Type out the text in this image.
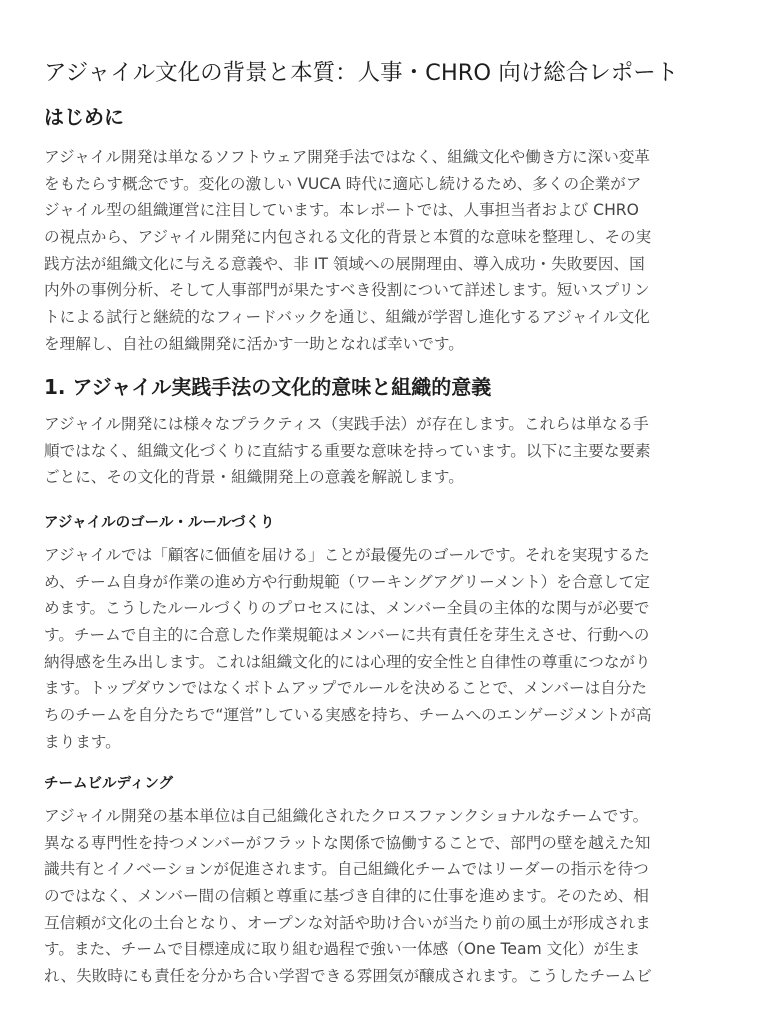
アジャイル文化の背景と本質：人事・CHRO 向け総合レポート
はじめに
アジャイル開発は単なるソフトウェア開発手法ではなく、組織文化や働き方に深い変革
をもたらす概念です。変化の激しい VUCA 時代に適応し続けるため、多くの企業がア
ジャイル型の組織運営に注目しています。本レポートでは、人事担当者および CHRO
の視点から、アジャイル開発に内包される文化的背景と本質的な意味を整理し、その実
践方法が組織文化に与える意義や、非 IT 領域への展開理由、導入成功・失敗要因、国
内外の事例分析、そして人事部門が果たすべき役割について詳述します。短いスプリン
トによる試行と継続的なフィードバックを通じ、組織が学習し進化するアジャイル文化
を理解し、自社の組織開発に活かす一助となれば幸いです。
1. アジャイル実践手法の文化的意味と組織的意義
アジャイル開発には様々なプラクティス（実践手法）が存在します。これらは単なる手
順ではなく、組織文化づくりに直結する重要な意味を持っています。以下に主要な要素
ごとに、その文化的背景・組織開発上の意義を解説します。
アジャイルのゴール・ルールづくり
アジャイルでは「顧客に価値を届ける」ことが最優先のゴールです。それを実現するた
め、チーム自身が作業の進め方や行動規範（ワーキングアグリーメント）を合意して定
めます。こうしたルールづくりのプロセスには、メンバー全員の主体的な関与が必要で
す。チームで自主的に合意した作業規範はメンバーに共有責任を芽生えさせ、行動への
納得感を生み出します。これは組織文化的には心理的安全性と自律性の尊重につながり
ます。トップダウンではなくボトムアップでルールを決めることで、メンバーは自分た
ちのチームを自分たちで“運営”している実感を持ち、チームへのエンゲージメントが高
まります。
チームビルディング
アジャイル開発の基本単位は自己組織化されたクロスファンクショナルなチームです。
異なる専門性を持つメンバーがフラットな関係で協働することで、部門の壁を越えた知
識共有とイノベーションが促進されます。自己組織化チームではリーダーの指示を待つ
のではなく、メンバー間の信頼と尊重に基づき自律的に仕事を進めます。そのため、相
互信頼が文化の土台となり、オープンな対話や助け合いが当たり前の風土が形成されま
す。また、チームで目標達成に取り組む過程で強い一体感（One Team 文化）が生ま
れ、失敗時にも責任を分かち合い学習できる雰囲気が醸成されます。こうしたチームビ
